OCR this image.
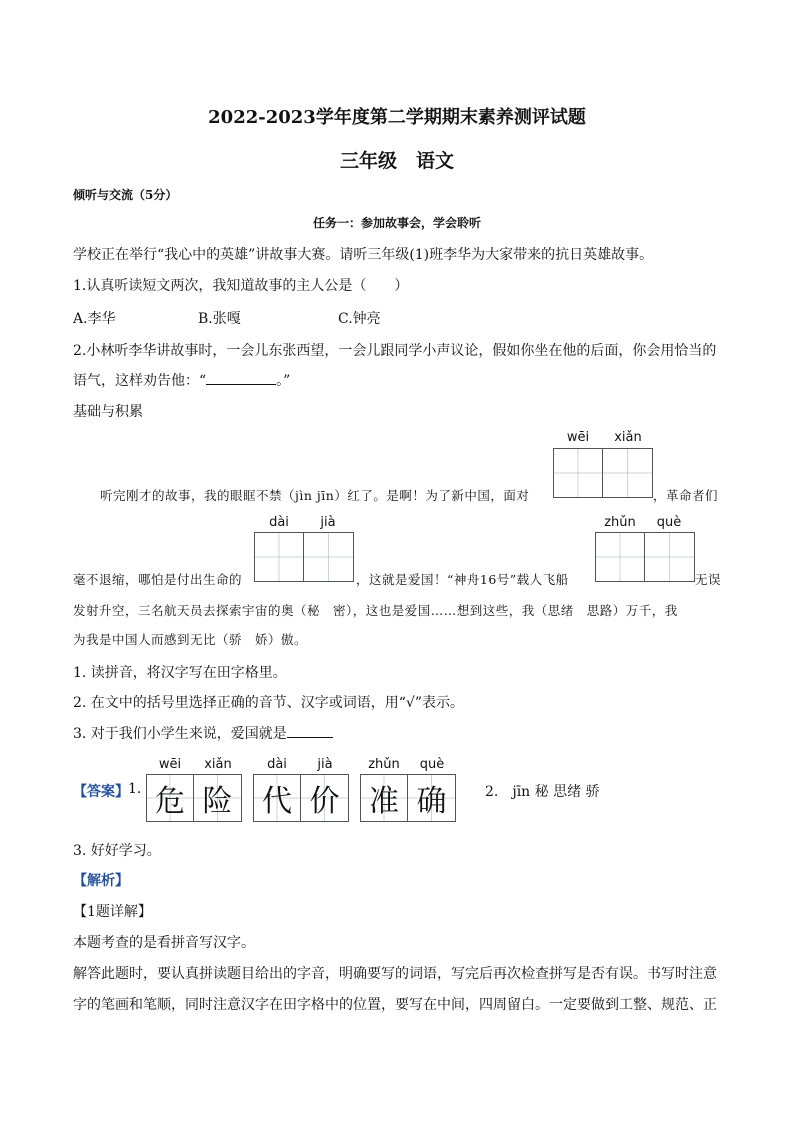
2022-2023学年度第二学期期末素养测评试题
三年级　语文
倾听与交流（5分）
任务一：参加故事会，学会聆听
学校正在举行“我心中的英雄”讲故事大赛。请听三年级(1)班李华为大家带来的抗日英雄故事。
1.认真听读短文两次，我知道故事的主人公是（　　）
A.李华	B.张嘎	C.钟亮
2.小林听李华讲故事时，一会儿东张西望，一会儿跟同学小声议论，假如你坐在他的后面，你会用恰当的
语气，这样劝告他：“	。”
基础与积累
wēi	xiǎn
听完刚才的故事，我的眼眶不禁（jìn jīn）红了。是啊！为了新中国，面对	，革命者们
dài	jià	zhǔn	què
毫不退缩，哪怕是付出生命的	，这就是爱国！“神舟16号”载人飞船	无误
发射升空，三名航天员去探索宇宙的奥（秘　密），这也是爱国……想到这些，我（思绪　思路）万千，我
为我是中国人而感到无比（骄　娇）傲。
1. 读拼音，将汉字写在田字格里。
2. 在文中的括号里选择正确的音节、汉字或词语，用“√”表示。
3. 对于我们小学生来说，爱国就是
【答案】 1.
wēi	xiǎn
危 险
dài	jià
代 价
zhǔn	què
准 确	2.　jīn 秘 思绪 骄
3. 好好学习。
【解析】
【1题详解】
本题考查的是看拼音写汉字。
解答此题时，要认真拼读题目给出的字音，明确要写的词语，写完后再次检查拼写是否有误。书写时注意
字的笔画和笔顺，同时注意汉字在田字格中的位置，要写在中间，四周留白。一定要做到工整、规范、正
